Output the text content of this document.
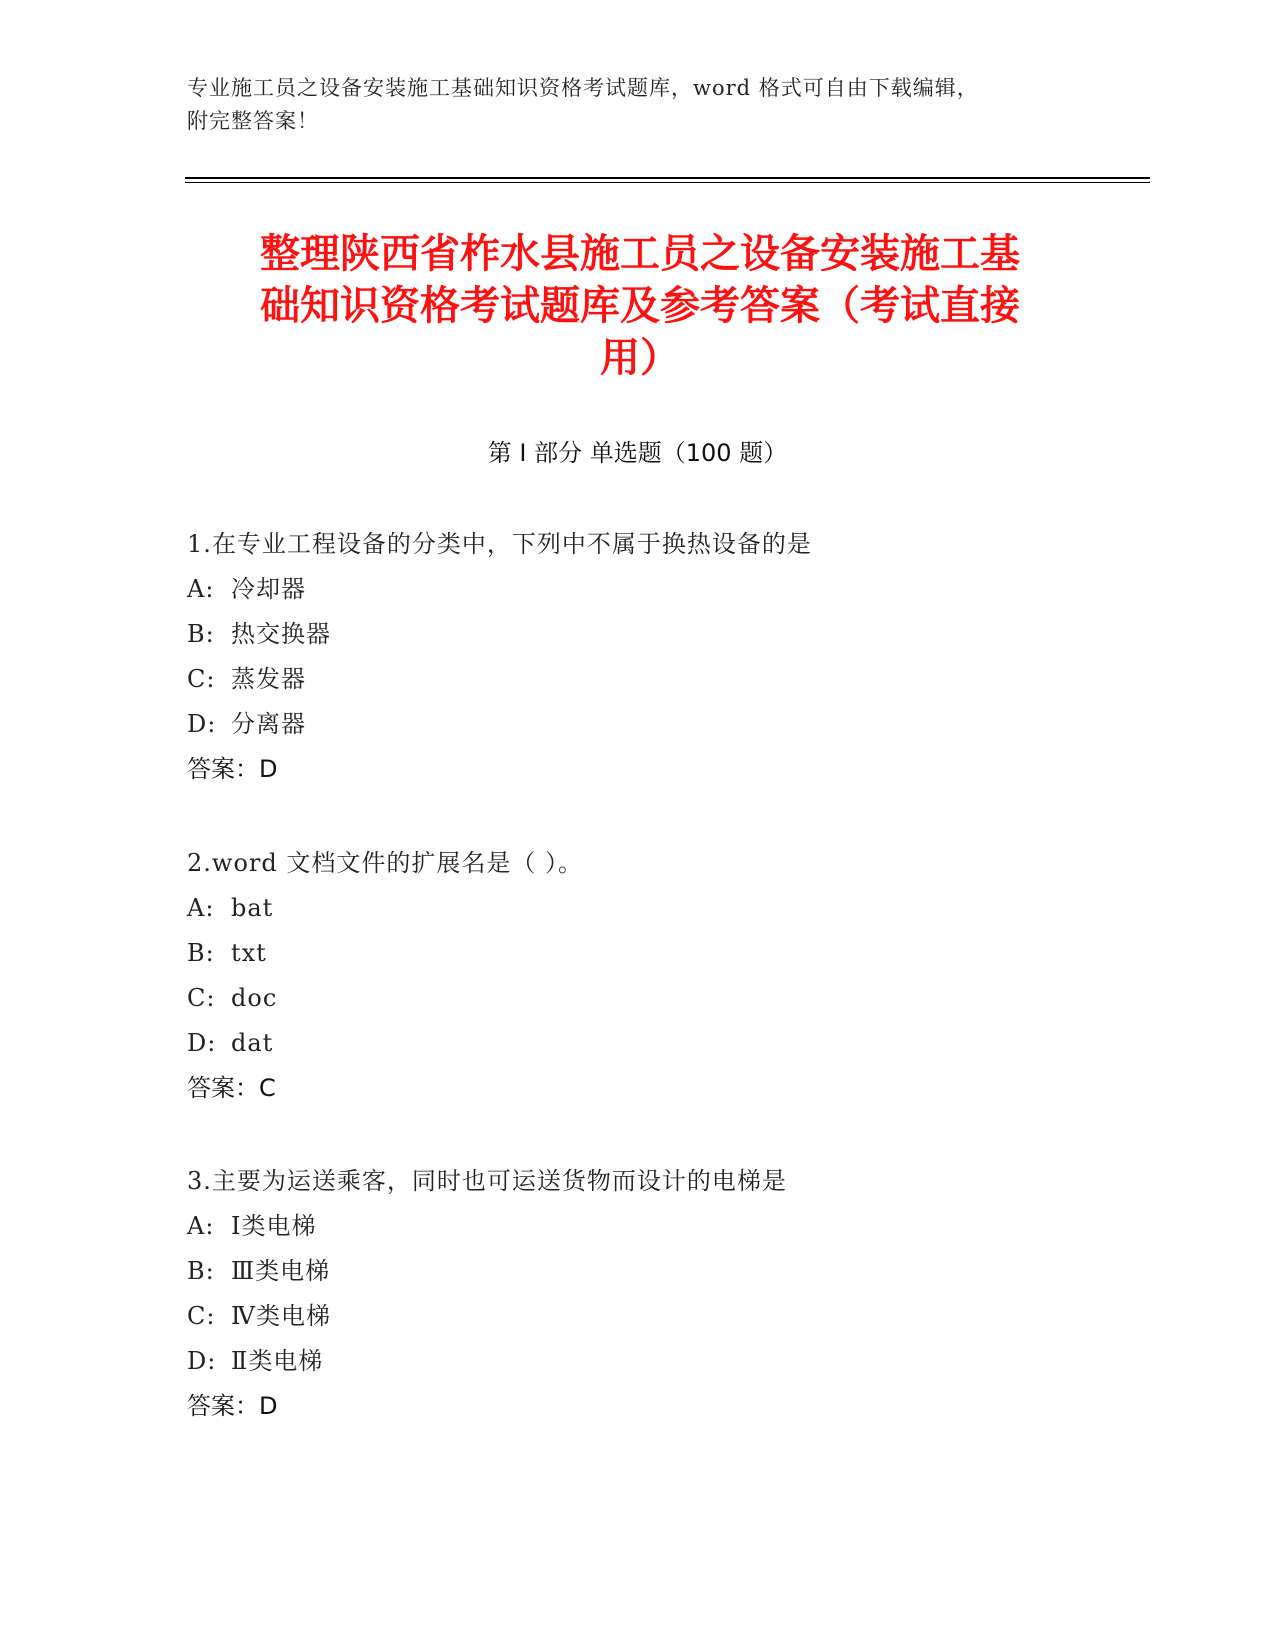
专业施工员之设备安装施工基础知识资格考试题库，word 格式可自由下载编辑，
附完整答案！
整理陕西省柞水县施工员之设备安装施工基
础知识资格考试题库及参考答案（考试直接
用）
第 I 部分 单选题（100 题）
1.在专业工程设备的分类中，下列中不属于换热设备的是
A: 冷却器
B: 热交换器
C: 蒸发器
D: 分离器
答案：D
2.word 文档文件的扩展名是（ ）。
A: bat
B: txt
C: doc
D: dat
答案：C
3.主要为运送乘客，同时也可运送货物而设计的电梯是
A: Ⅰ类电梯
B: Ⅲ类电梯
C: Ⅳ类电梯
D: Ⅱ类电梯
答案：D
